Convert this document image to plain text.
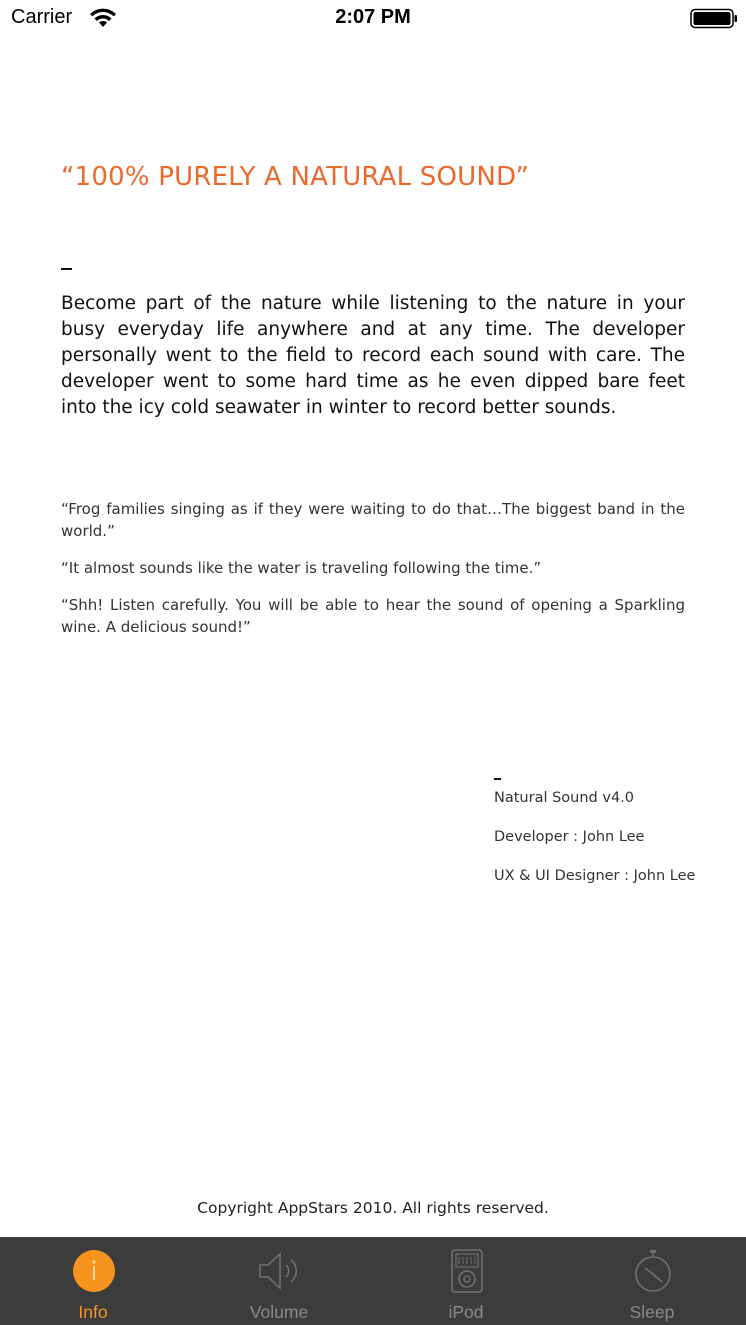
Carrier	2:07 PM
“100% PURELY A NATURAL SOUND”

Become part of the nature while listening to the nature in your busy everyday life anywhere and at any time. The developer personally went to the field to record each sound with care. The developer went to some hard time as he even dipped bare feet into the icy cold seawater in winter to record better sounds.

“Frog families singing as if they were waiting to do that…The biggest band in the world.”

“It almost sounds like the water is traveling following the time.”

“Shh! Listen carefully. You will be able to hear the sound of opening a Sparkling wine. A delicious sound!”

Natural Sound v4.0
Developer : John Lee
UX & UI Designer : John Lee
Copyright AppStars 2010. All rights reserved.
Info	Volume	iPod	Sleep
